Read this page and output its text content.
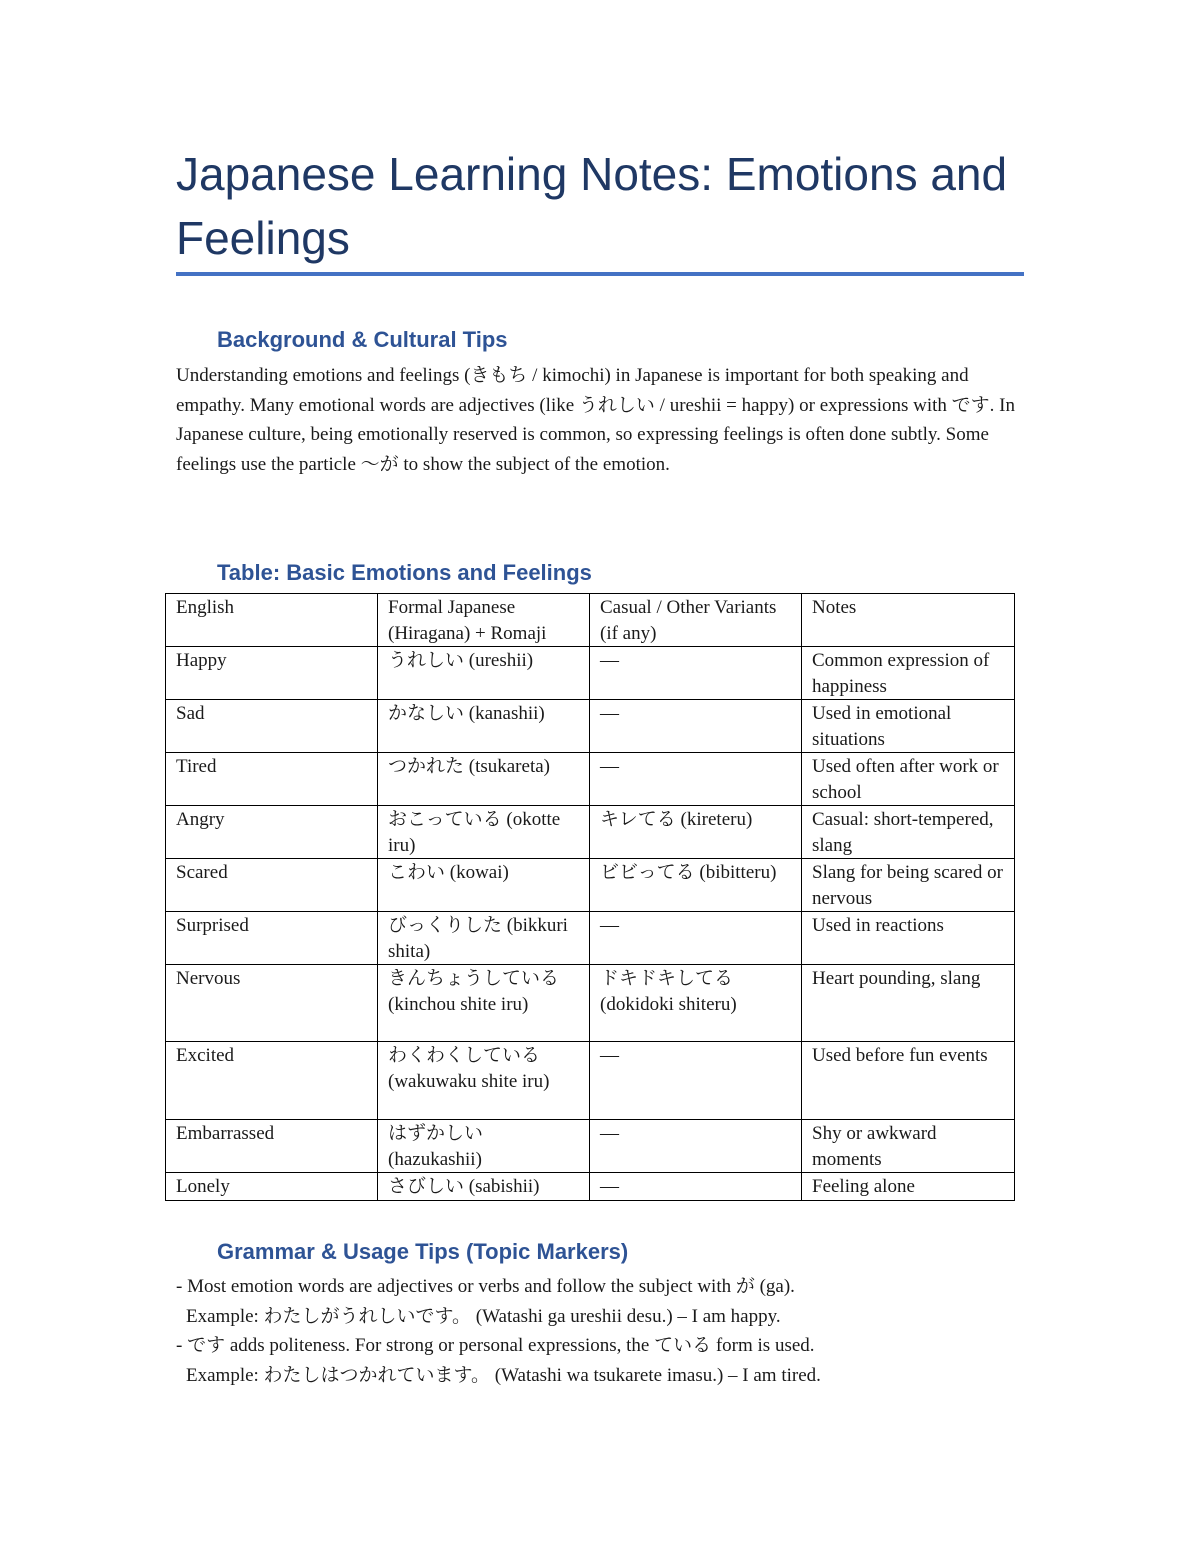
Japanese Learning Notes: Emotions and Feelings
Background & Cultural Tips

Understanding emotions and feelings (きもち / kimochi) in Japanese is important for both speaking and empathy. Many emotional words are adjectives (like うれしい / ureshii = happy) or expressions with です. In Japanese culture, being emotionally reserved is common, so expressing feelings is often done subtly. Some feelings use the particle ～が to show the subject of the emotion.

Table: Basic Emotions and Feelings
English	Formal Japanese (Hiragana) + Romaji	Casual / Other Variants (if any)	Notes
Happy	うれしい (ureshii)	—	Common expression of happiness
Sad	かなしい (kanashii)	—	Used in emotional situations
Tired	つかれた (tsukareta)	—	Used often after work or school
Angry	おこっている (okotte iru)	キレてる (kireteru)	Casual: short-tempered, slang
Scared	こわい (kowai)	ビビってる (bibitteru)	Slang for being scared or nervous
Surprised	びっくりした (bikkuri shita)	—	Used in reactions
Nervous	きんちょうしている (kinchou shite iru)	ドキドキしてる (dokidoki shiteru)	Heart pounding, slang
Excited	わくわくしている (wakuwaku shite iru)	—	Used before fun events
Embarrassed	はずかしい (hazukashii)	—	Shy or awkward moments
Lonely	さびしい (sabishii)	—	Feeling alone
Grammar & Usage Tips (Topic Markers)

- Most emotion words are adjectives or verbs and follow the subject with が (ga).

Example: わたしがうれしいです。 (Watashi ga ureshii desu.) – I am happy.

- です adds politeness. For strong or personal expressions, the ている form is used.

Example: わたしはつかれています。 (Watashi wa tsukarete imasu.) – I am tired.
